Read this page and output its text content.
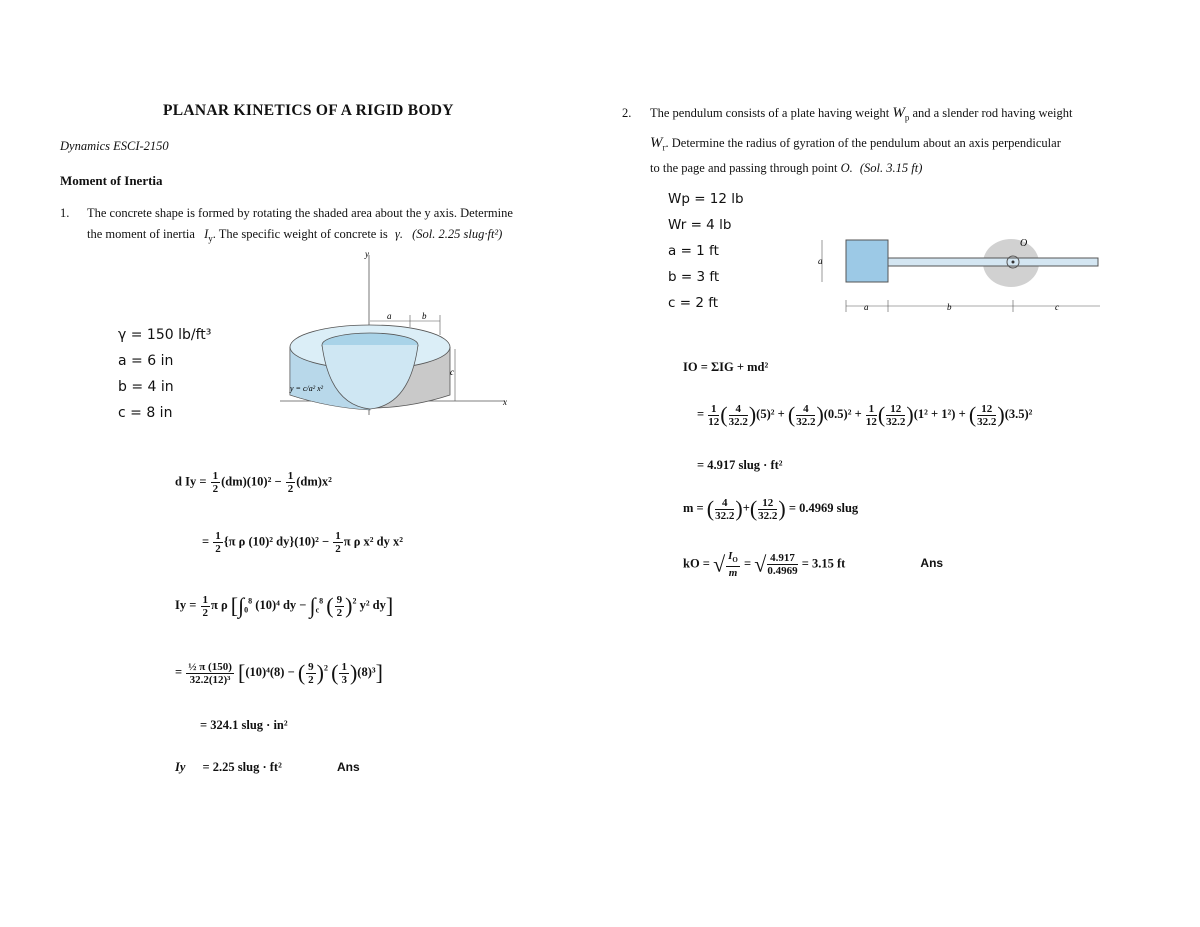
PLANAR KINETICS OF A RIGID BODY
Dynamics ESCI-2150
Moment of Inertia
1. The concrete shape is formed by rotating the shaded area about the y axis. Determine
the moment of inertia $I_y$. The specific weight of concrete is γ. (Sol. 2.25 slug·ft²)
γ = 150 lb/ft³
a = 6 in
b = 4 in
c = 8 in
y
x
a	b
c
y = c/a² x²
d $Iy = \frac{1}{2} (dm)(10)^2 - \frac{1}{2} (dm)x^2$
= $\frac{1}{2} \{\pi$ ρ (10)² $dy\}(10)^2 - \frac{1}{2}$ π ρ x² dy x²
$Iy = \frac{1}{2}$ π ρ [$\int_0^8$ (10)⁴ dy − $\int_c^8$ ( $\frac{9}{2} )^2$ y² dy]
= $\frac{\text{½ π (150)}}{\text{32.2(12)³}} [(10)^4(8)$ − ( $\frac{9}{2} )^2$ ( $\frac{1}{3} )(8)^3$]
= 324.1 slug · in²
Iy = 2.25 slug · ft²	Ans
2. The pendulum consists of a plate having weight $W_p$ and a slender rod having weight
$W_r$. Determine the radius of gyration of the pendulum about an axis perpendicular
to the page and passing through point O. (Sol. 3.15 ft)
Wp = 12 lb
Wr = 4 lb
a = 1 ft
b = 3 ft
c = 2 ft
O
a
a	b	c
IO = ΣIG + md²
= $\frac{1}{12}$ ( $\frac{4}{32.2} )(5)^2$ + ( $\frac{4}{32.2} )(0.5)^2 + \frac{1}{12}$ ( $\frac{12}{32.2} )(1^2 + 1^2)$ + ( $\frac{12}{32.2} )(3.5)^2$
= 4.917 slug · ft²
m = ( $\frac{4}{32.2}$ )+( $\frac{12}{32.2}$ ) = 0.4969 slug
kO = √ $\frac{I_O}{m}$ = √ $\frac{4.917}{0.4969} = 3.15$ ft	Ans
